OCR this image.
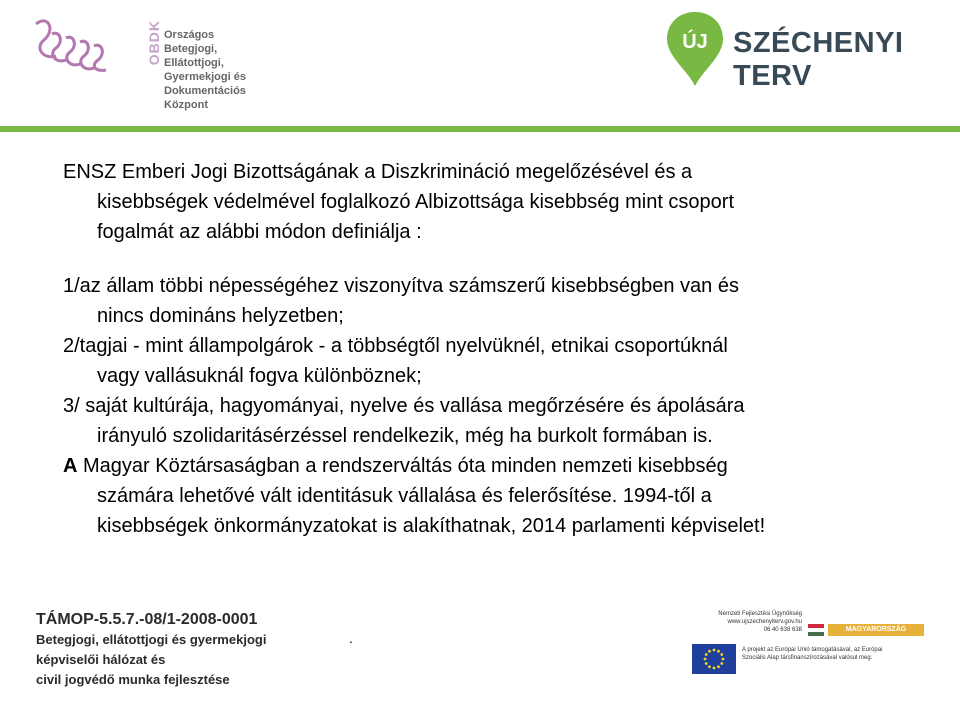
OBDK Országos Betegjogi,
Ellátottjogi, Gyermekjogi és
Dokumentációs Központ
ÚJ SZÉCHENYI TERV

ENSZ Emberi Jogi Bizottságának a Diszkrimináció megelőzésével és a
kisebbségek védelmével foglalkozó Albizottsága kisebbség mint csoport
fogalmát az alábbi módon definiálja :

1/az állam többi népességéhez viszonyítva számszerű kisebbségben van és
nincs domináns helyzetben;

2/tagjai - mint állampolgárok - a többségtől nyelvüknél, etnikai csoportúknál
vagy vallásuknál fogva különböznek;

3/ saját kultúrája, hagyományai, nyelve és vallása megőrzésére és ápolására
irányuló szolidaritásérzéssel rendelkezik, még ha burkolt formában is.

A Magyar Köztársaságban a rendszerváltás óta minden nemzeti kisebbség
számára lehetővé vált identitásuk vállalása és felerősítése. 1994-től a
kisebbségek önkormányzatokat is alakíthatnak, 2014 parlamenti képviselet!

TÁMOP-5.5.7.-08/1-2008-0001
Betegjogi, ellátottjogi és gyermekjogi
képviselői hálózat és
civil jogvédő munka fejlesztése
.
Nemzeti Fejlesztési Ügynökség
www.ujszechenyiterv.gov.hu
06 40 638 638	MAGYARORSZÁG MEGÚJUL
A projekt az Európai Unió támogatásával, az Európai
Szociális Alap társfinanszírozásával valósul meg.
